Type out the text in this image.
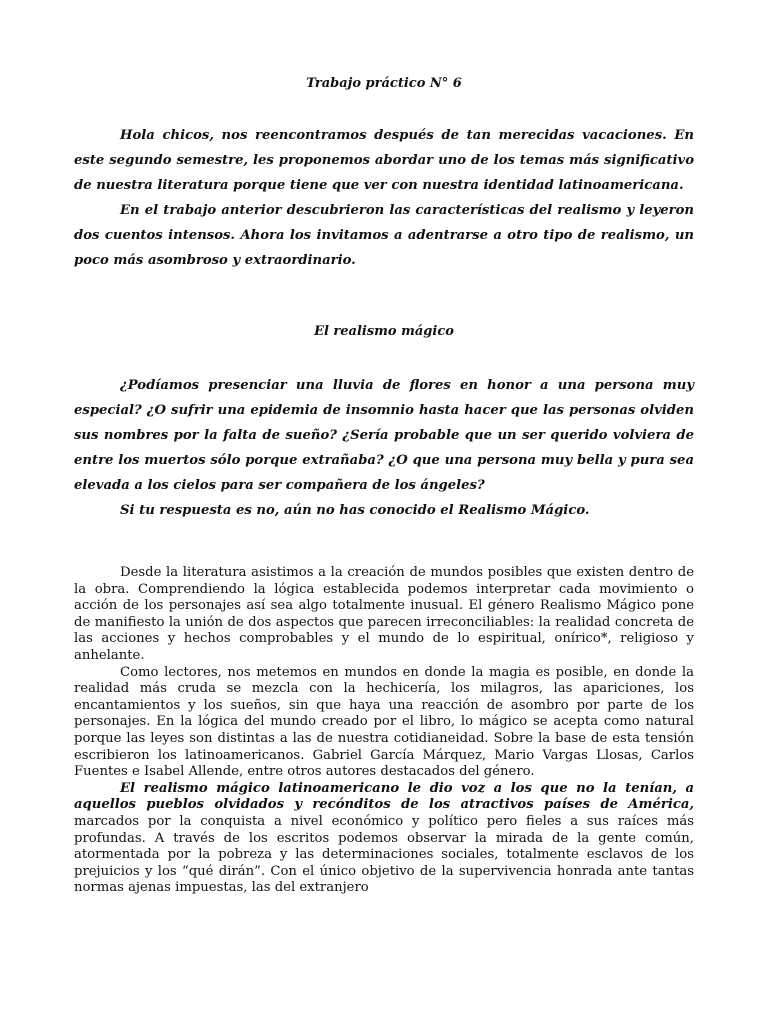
Trabajo práctico N° 6

Hola chicos, nos reencontramos después de tan merecidas vacaciones. En este segundo semestre, les proponemos abordar uno de los temas más significativo de nuestra literatura porque tiene que ver con nuestra identidad latinoamericana.

En el trabajo anterior descubrieron las características del realismo y leyeron dos cuentos intensos. Ahora los invitamos a adentrarse a otro tipo de realismo, un poco más asombroso y extraordinario.

El realismo mágico

¿Podíamos presenciar una lluvia de flores en honor a una persona muy especial? ¿O sufrir una epidemia de insomnio hasta hacer que las personas olviden sus nombres por la falta de sueño? ¿Sería probable que un ser querido volviera de entre los muertos sólo porque extrañaba? ¿O que una persona muy bella y pura sea elevada a los cielos para ser compañera de los ángeles?

Si tu respuesta es no, aún no has conocido el Realismo Mágico.

Desde la literatura asistimos a la creación de mundos posibles que existen dentro de la obra. Comprendiendo la lógica establecida podemos interpretar cada movimiento o acción de los personajes así sea algo totalmente inusual. El género Realismo Mágico pone de manifiesto la unión de dos aspectos que parecen irreconciliables: la realidad concreta de las acciones y hechos comprobables y el mundo de lo espiritual, onírico*, religioso y anhelante.

Como lectores, nos metemos en mundos en donde la magia es posible, en donde la realidad más cruda se mezcla con la hechicería, los milagros, las apariciones, los encantamientos y los sueños, sin que haya una reacción de asombro por parte de los personajes. En la lógica del mundo creado por el libro, lo mágico se acepta como natural porque las leyes son distintas a las de nuestra cotidianeidad. Sobre la base de esta tensión escribieron los latinoamericanos. Gabriel García Márquez, Mario Vargas Llosas, Carlos Fuentes e Isabel Allende, entre otros autores destacados del género.

El realismo mágico latinoamericano le dio voz a los que no la tenían, a aquellos pueblos olvidados y recónditos de los atractivos países de América, marcados por la conquista a nivel económico y político pero fieles a sus raíces más profundas. A través de los escritos podemos observar la mirada de la gente común, atormentada por la pobreza y las determinaciones sociales, totalmente esclavos de los prejuicios y los “qué dirán”. Con el único objetivo de la supervivencia honrada ante tantas normas ajenas impuestas, las del extranjero
